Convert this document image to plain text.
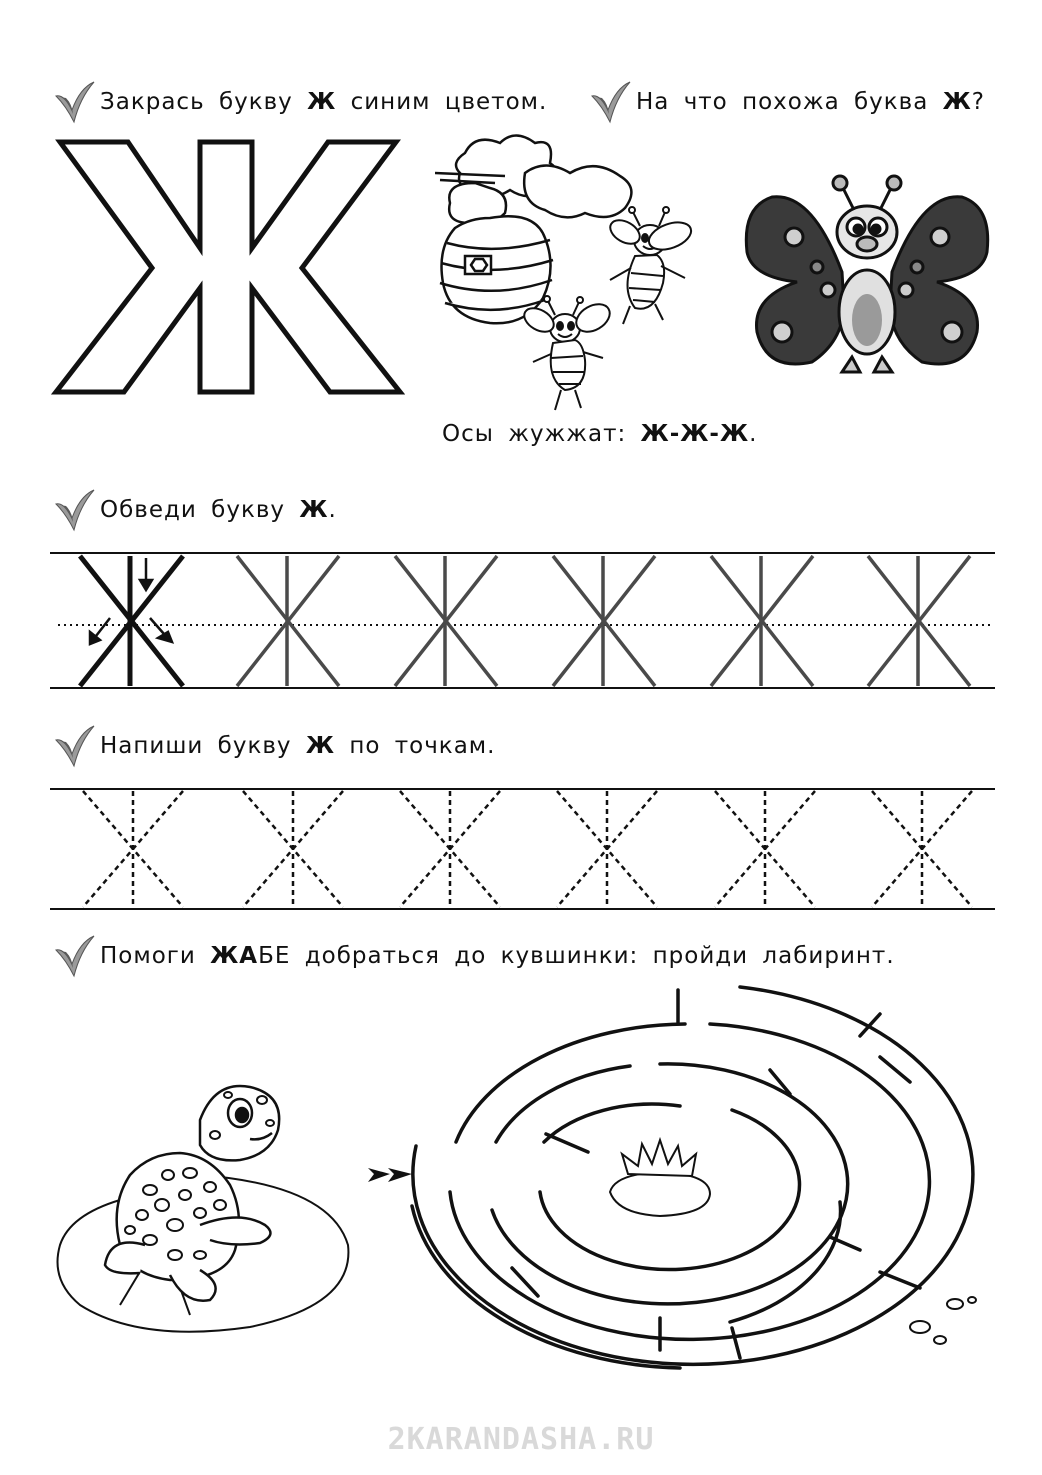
Закрась букву Ж синим цветом.	На что похожа буква Ж?
Осы жужжат: Ж-Ж-Ж.
Обведи букву Ж.
Напиши букву Ж по точкам.
Помоги ЖАБЕ добраться до кувшинки: пройди лабиринт.
2KARANDASHA.RU
